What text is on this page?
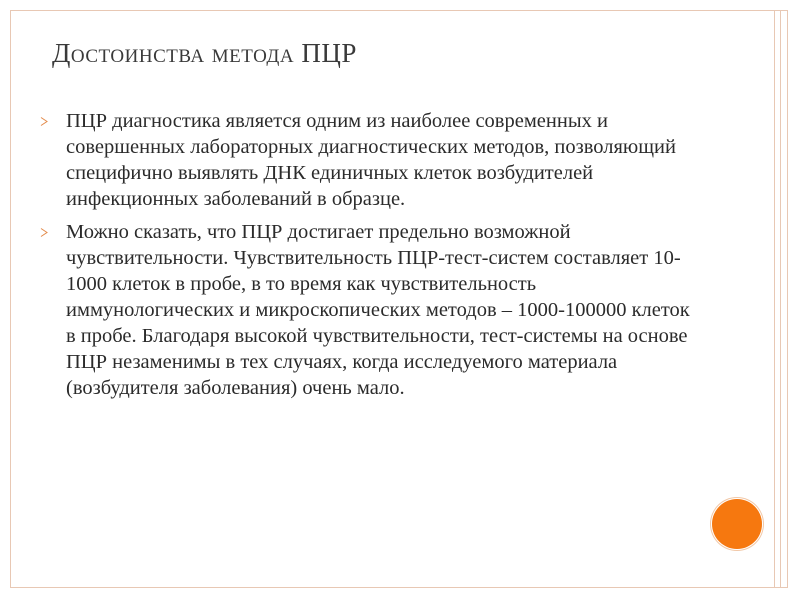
Достоинства метода ПЦР
ПЦР диагностика является одним из наиболее современных и совершенных лабораторных диагностических методов, позволяющий специфично выявлять ДНК единичных клеток возбудителей инфекционных заболеваний в образце.
Можно сказать, что ПЦР достигает предельно возможной чувствительности. Чувствительность ПЦР-тест-систем составляет 10-1000 клеток в пробе, в то время как чувствительность иммунологических и микроскопических методов – 1000-100000 клеток в пробе. Благодаря высокой чувствительности, тест-системы на основе ПЦР незаменимы в тех случаях, когда исследуемого материала (возбудителя заболевания) очень мало.
